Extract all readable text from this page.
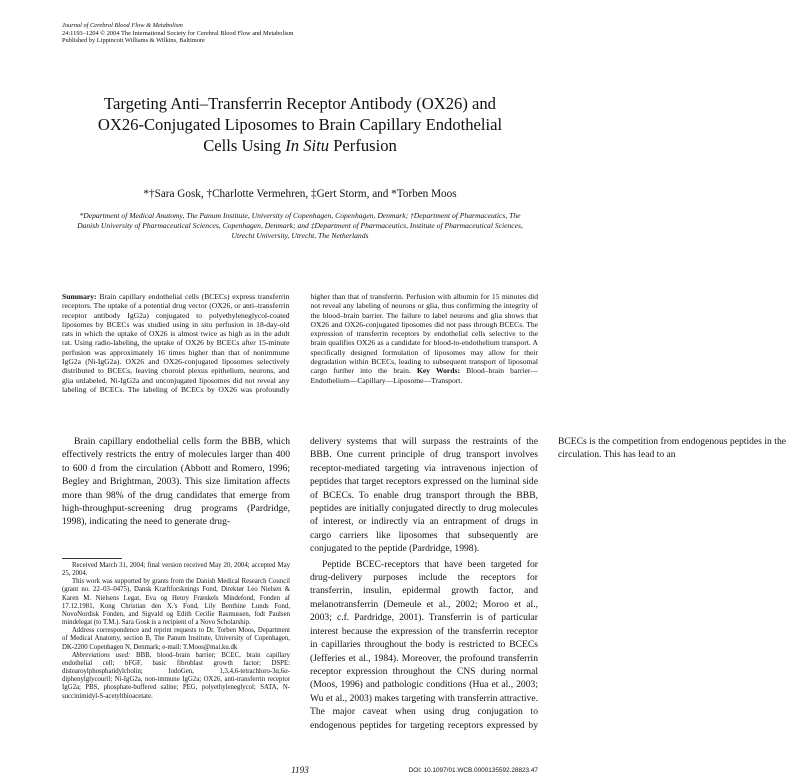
Journal of Cerebral Blood Flow & Metabolism
24:1193–1204 © 2004 The International Society for Cerebral Blood Flow and Metabolism
Published by Lippincott Williams & Wilkins, Baltimore
Targeting Anti–Transferrin Receptor Antibody (OX26) and
OX26-Conjugated Liposomes to Brain Capillary Endothelial
Cells Using In Situ Perfusion
*†Sara Gosk, †Charlotte Vermehren, ‡Gert Storm, and *Torben Moos
*Department of Medical Anatomy, The Panum Institute, University of Copenhagen, Copenhagen, Denmark; †Department of Pharmaceutics, The Danish University of Pharmaceutical Sciences, Copenhagen, Denmark; and ‡Department of Pharmaceutics, Institute of Pharmaceutical Sciences, Utrecht University, Utrecht, The Netherlands
Summary: Brain capillary endothelial cells (BCECs) express transferrin receptors. The uptake of a potential drug vector (OX26, or anti–transferrin receptor antibody IgG2a) conjugated to polyethyleneglycol-coated liposomes by BCECs was studied using in situ perfusion in 18-day-old rats in which the uptake of OX26 is almost twice as high as in the adult rat. Using radio-labeling, the uptake of OX26 by BCECs after 15-minute perfusion was approximately 16 times higher than that of nonimmune IgG2a (Ni-IgG2a). OX26 and OX26-conjugated liposomes selectively distributed to BCECs, leaving choroid plexus epithelium, neurons, and glia unlabeled. Ni-IgG2a and unconjugated liposomes did not reveal any labeling of BCECs. The labeling of BCECs by OX26 was profoundly higher than that of transferrin. Perfusion with albumin for 15 minutes did not reveal any labeling of neurons or glia, thus confirming the integrity of the blood–brain barrier. The failure to label neurons and glia shows that OX26 and OX26-conjugated liposomes did not pass through BCECs. The expression of transferrin receptors by endothelial cells selective to the brain qualifies OX26 as a candidate for blood-to-endothelium transport. A specifically designed formulation of liposomes may allow for their degradation within BCECs, leading to subsequent transport of liposomal cargo further into the brain. Key Words: Blood–brain barrier—Endothelium—Capillary—Liposome—Transport.

Brain capillary endothelial cells form the BBB, which effectively restricts the entry of molecules larger than 400 to 600 d from the circulation (Abbott and Romero, 1996; Begley and Brightman, 2003). This size limitation affects more than 98% of the drug candidates that emerge from high-throughput-screening drug programs (Pardridge, 1998), indicating the need to generate drug-

delivery systems that will surpass the restraints of the BBB. One current principle of drug transport involves receptor-mediated targeting via intravenous injection of peptides that target receptors expressed on the luminal side of BCECs. To enable drug transport through the BBB, peptides are initially conjugated directly to drug molecules of interest, or indirectly via an entrapment of drugs in cargo carriers like liposomes that subsequently are conjugated to the peptide (Pardridge, 1998).

Peptide BCEC-receptors that have been targeted for drug-delivery purposes include the receptors for transferrin, insulin, epidermal growth factor, and melanotransferrin (Demeule et al., 2002; Moroo et al., 2003; c.f. Pardridge, 2001). Transferrin is of particular interest because the expression of the transferrin receptor in capillaries throughout the body is restricted to BCECs (Jefferies et al., 1984). Moreover, the profound transferrin receptor expression throughout the CNS during normal (Moos, 1996) and pathologic conditions (Hua et al., 2003; Wu et al., 2003) makes targeting with transferrin attractive. The major caveat when using drug conjugation to endogenous peptides for targeting receptors expressed by BCECs is the competition from endogenous peptides in the circulation. This has lead to an

Received March 31, 2004; final version received May 20, 2004; accepted May 25, 2004.

This work was supported by grants from the Danish Medical Research Council (grant no. 22–03–0475), Dansk Kræftforsknings Fond, Direktør Leo Nielsen & Karen M. Nielsens Legat, Eva og Henry Frænkels Mindefond, Fonden af 17.12.1981, Kong Christian den X.'s Fond, Lily Benthine Lunds Fond, NovoNordisk Fonden, and Sigvald og Edith Cecilie Rasmussen, fodt Paulsen mindelegat (to T.M.). Sara Gosk is a recipient of a Novo Scholarship.

Address correspondence and reprint requests to Dr. Torben Moos, Department of Medical Anatomy, section B, The Panum Institute, University of Copenhagen, DK-2200 Copenhagen N, Denmark; e-mail: T.Moos@mai.ku.dk

Abbreviations used: BBB, blood–brain barrier; BCEC, brain capillary endothelial cell; bFGF, basic fibroblast growth factor; DSPE: distearoylphosphatidylcholin; IodoGen, 1,3,4,6-tetrachloro-3α,6α-diphenylglycouril; Ni-IgG2a, non-immune IgG2a; OX26, anti-transferrin receptor IgG2a; PBS, phosphate-buffered saline; PEG, polyethyleneglycol; SATA, N-succinimidyl-S-acetylthioacetate.

1193	DOI: 10.1097/01.WCB.0000135592.28823.47
